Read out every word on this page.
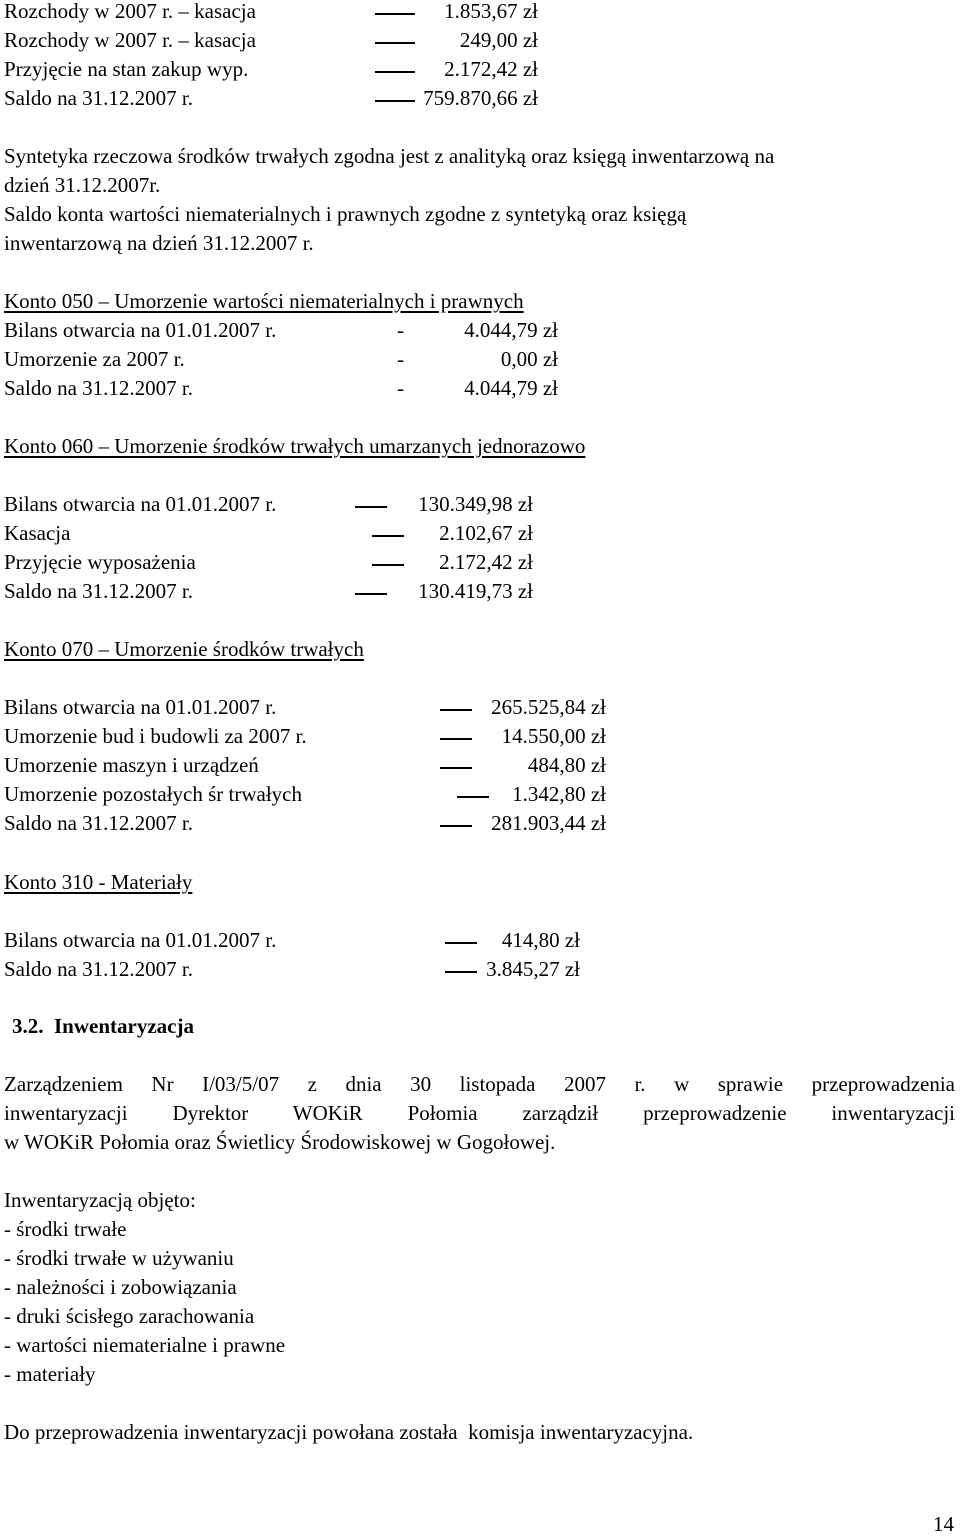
Rozchody w 2007 r. – kasacja	1.853,67 zł
Rozchody w 2007 r. – kasacja	249,00 zł
Przyjęcie na stan zakup wyp.	2.172,42 zł
Saldo na 31.12.2007 r.	759.870,66 zł
Syntetyka rzeczowa środków trwałych zgodna jest z analityką oraz księgą inwentarzową na
dzień 31.12.2007r.
Saldo konta wartości niematerialnych i prawnych zgodne z syntetyką oraz księgą
inwentarzową na dzień 31.12.2007 r.
Konto 050 – Umorzenie wartości niematerialnych i prawnych
Bilans otwarcia na 01.01.2007 r.	-	4.044,79 zł
Umorzenie za 2007 r.	-	0,00 zł
Saldo na 31.12.2007 r.	-	4.044,79 zł
Konto 060 – Umorzenie środków trwałych umarzanych jednorazowo
Bilans otwarcia na 01.01.2007 r.	130.349,98 zł
Kasacja	2.102,67 zł
Przyjęcie wyposażenia	2.172,42 zł
Saldo na 31.12.2007 r.	130.419,73 zł
Konto 070 – Umorzenie środków trwałych
Bilans otwarcia na 01.01.2007 r.	265.525,84 zł
Umorzenie bud i budowli za 2007 r.	14.550,00 zł
Umorzenie maszyn i urządzeń	484,80 zł
Umorzenie pozostałych śr trwałych	1.342,80 zł
Saldo na 31.12.2007 r.	281.903,44 zł
Konto 310 - Materiały
Bilans otwarcia na 01.01.2007 r.	414,80 zł
Saldo na 31.12.2007 r.	3.845,27 zł
3.2. Inwentaryzacja
Zarządzeniem Nr I/03/5/07 z dnia 30 listopada 2007 r. w sprawie przeprowadzenia
inwentaryzacji Dyrektor WOKiR Połomia zarządził przeprowadzenie inwentaryzacji
w WOKiR Połomia oraz Świetlicy Środowiskowej w Gogołowej.
Inwentaryzacją objęto:
- środki trwałe
- środki trwałe w używaniu
- należności i zobowiązania
- druki ścisłego zarachowania
- wartości niematerialne i prawne
- materiały
Do przeprowadzenia inwentaryzacji powołana została  komisja inwentaryzacyjna.
14
